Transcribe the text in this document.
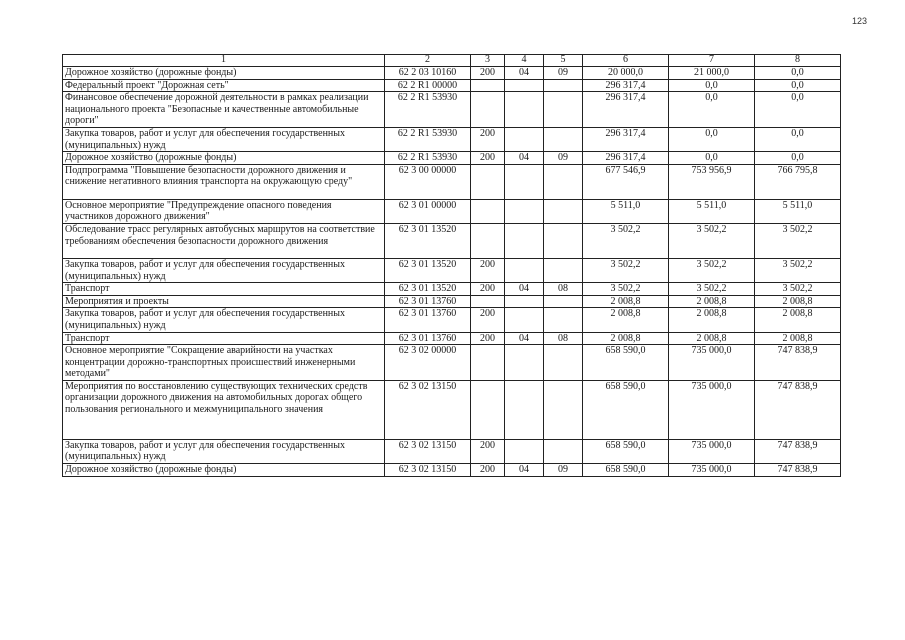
123
1	2	3	4	5	6	7	8
Дорожное хозяйство (дорожные фонды)	62 2 03 10160	200	04	09	20 000,0	21 000,0	0,0
Федеральный проект "Дорожная сеть"	62 2 R1 00000				296 317,4	0,0	0,0
Финансовое обеспечение дорожной деятельности в рамках реализации национального проекта "Безопасные и качественные автомобильные дороги"	62 2 R1 53930				296 317,4	0,0	0,0
Закупка товаров, работ и услуг для обеспечения государственных (муниципальных) нужд	62 2 R1 53930	200			296 317,4	0,0	0,0
Дорожное хозяйство (дорожные фонды)	62 2 R1 53930	200	04	09	296 317,4	0,0	0,0
Подпрограмма "Повышение безопасности дорожного движения и снижение негативного влияния транспорта на окружающую среду"	62 3 00 00000				677 546,9	753 956,9	766 795,8
Основное мероприятие "Предупреждение опасного поведения участников дорожного движения"	62 3 01 00000				5 511,0	5 511,0	5 511,0
Обследование трасс регулярных автобусных маршрутов на соответствие требованиям обеспечения безопасности дорожного движения	62 3 01 13520				3 502,2	3 502,2	3 502,2
Закупка товаров, работ и услуг для обеспечения государственных (муниципальных) нужд	62 3 01 13520	200			3 502,2	3 502,2	3 502,2
Транспорт	62 3 01 13520	200	04	08	3 502,2	3 502,2	3 502,2
Мероприятия и проекты	62 3 01 13760				2 008,8	2 008,8	2 008,8
Закупка товаров, работ и услуг для обеспечения государственных (муниципальных) нужд	62 3 01 13760	200			2 008,8	2 008,8	2 008,8
Транспорт	62 3 01 13760	200	04	08	2 008,8	2 008,8	2 008,8
Основное мероприятие "Сокращение аварийности на участках концентрации дорожно-транспортных происшествий инженерными методами"	62 3 02 00000				658 590,0	735 000,0	747 838,9
Мероприятия по восстановлению существующих технических средств организации дорожного движения на автомобильных дорогах общего пользования регионального и межмуниципального значения	62 3 02 13150				658 590,0	735 000,0	747 838,9
Закупка товаров, работ и услуг для обеспечения государственных (муниципальных) нужд	62 3 02 13150	200			658 590,0	735 000,0	747 838,9
Дорожное хозяйство (дорожные фонды)	62 3 02 13150	200	04	09	658 590,0	735 000,0	747 838,9
